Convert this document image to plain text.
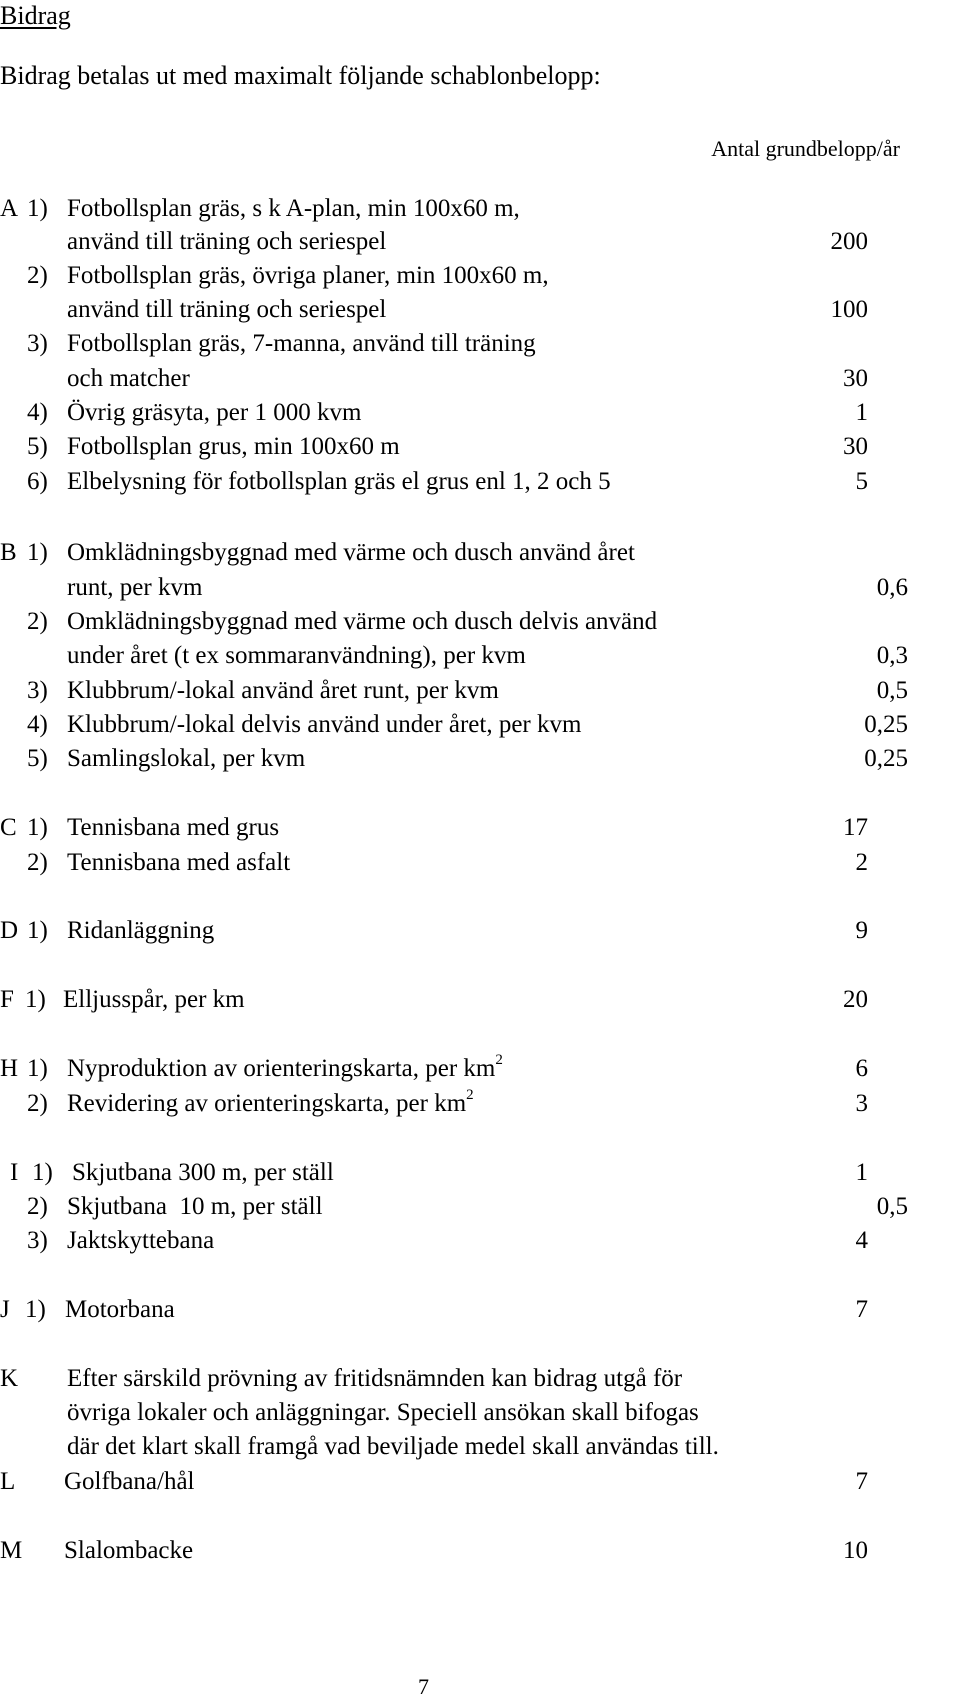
Bidrag
Bidrag betalas ut med maximalt följande schablonbelopp:
Antal grundbelopp/år
A 1) Fotbollsplan gräs, s k A-plan, min 100x60 m,
använd till träning och seriespel	200
2) Fotbollsplan gräs, övriga planer, min 100x60 m,
använd till träning och seriespel	100
3) Fotbollsplan gräs, 7-manna, använd till träning
och matcher	30
4) Övrig gräsyta, per 1 000 kvm	1
5) Fotbollsplan grus, min 100x60 m	30
6) Elbelysning för fotbollsplan gräs el grus enl 1, 2 och 5	5
B 1) Omklädningsbyggnad med värme och dusch använd året
runt, per kvm	0,6
2) Omklädningsbyggnad med värme och dusch delvis använd
under året (t ex sommaranvändning), per kvm	0,3
3) Klubbrum/-lokal använd året runt, per kvm	0,5
4) Klubbrum/-lokal delvis använd under året, per kvm	0,25
5) Samlingslokal, per kvm	0,25
C 1) Tennisbana med grus	17
2) Tennisbana med asfalt	2
D 1) Ridanläggning	9
F 1) Elljusspår, per km	20
H 1) Nyproduktion av orienteringskarta, per $km^2$	6
2) Revidering av orienteringskarta, per $km^2$	3
I 1) Skjutbana 300 m, per ställ	1
2) Skjutbana  10 m, per ställ	0,5
3) Jaktskyttebana	4
J 1) Motorbana	7
K Efter särskild prövning av fritidsnämnden kan bidrag utgå för
övriga lokaler och anläggningar. Speciell ansökan skall bifogas
där det klart skall framgå vad beviljade medel skall användas till.
L Golfbana/hål	7
M Slalombacke	10
7
